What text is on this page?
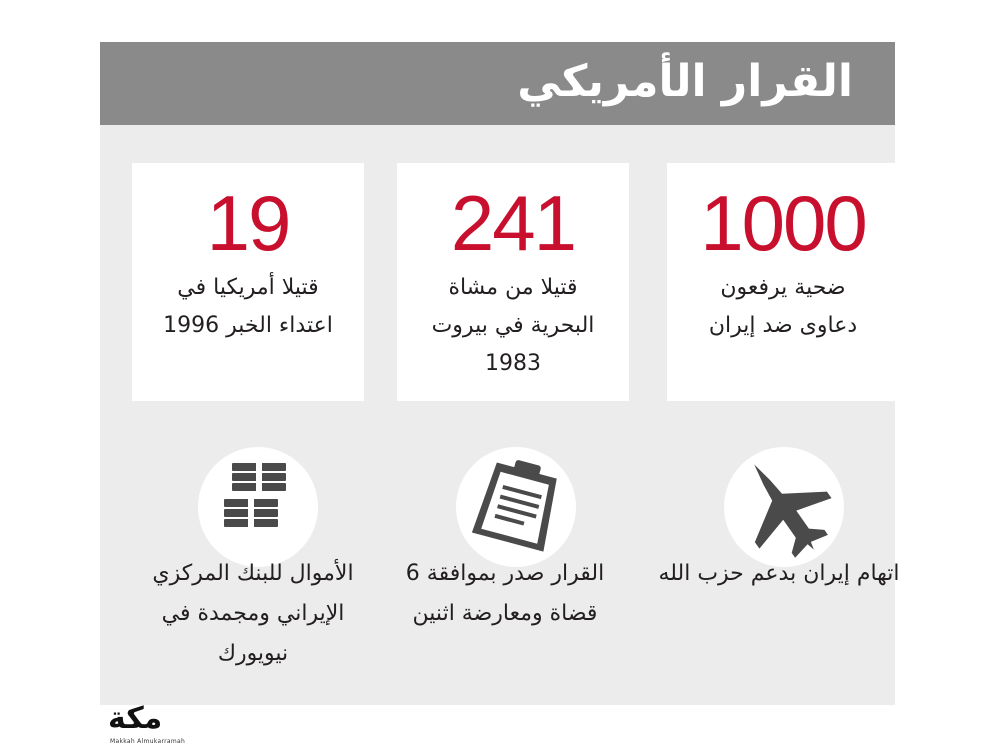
القرار الأمريكي
1000
ضحية يرفعون دعاوى ضد إيران
241
قتيلا من مشاة البحرية في بيروت 1983
19
قتيلا أمريكيا في اعتداء الخبر 1996
اتهام إيران بدعم حزب الله
القرار صدر بموافقة 6 قضاة ومعارضة اثنين
الأموال للبنك المركزي الإيراني ومجمدة في نيويورك
مكة
Makkah Almukarramah
